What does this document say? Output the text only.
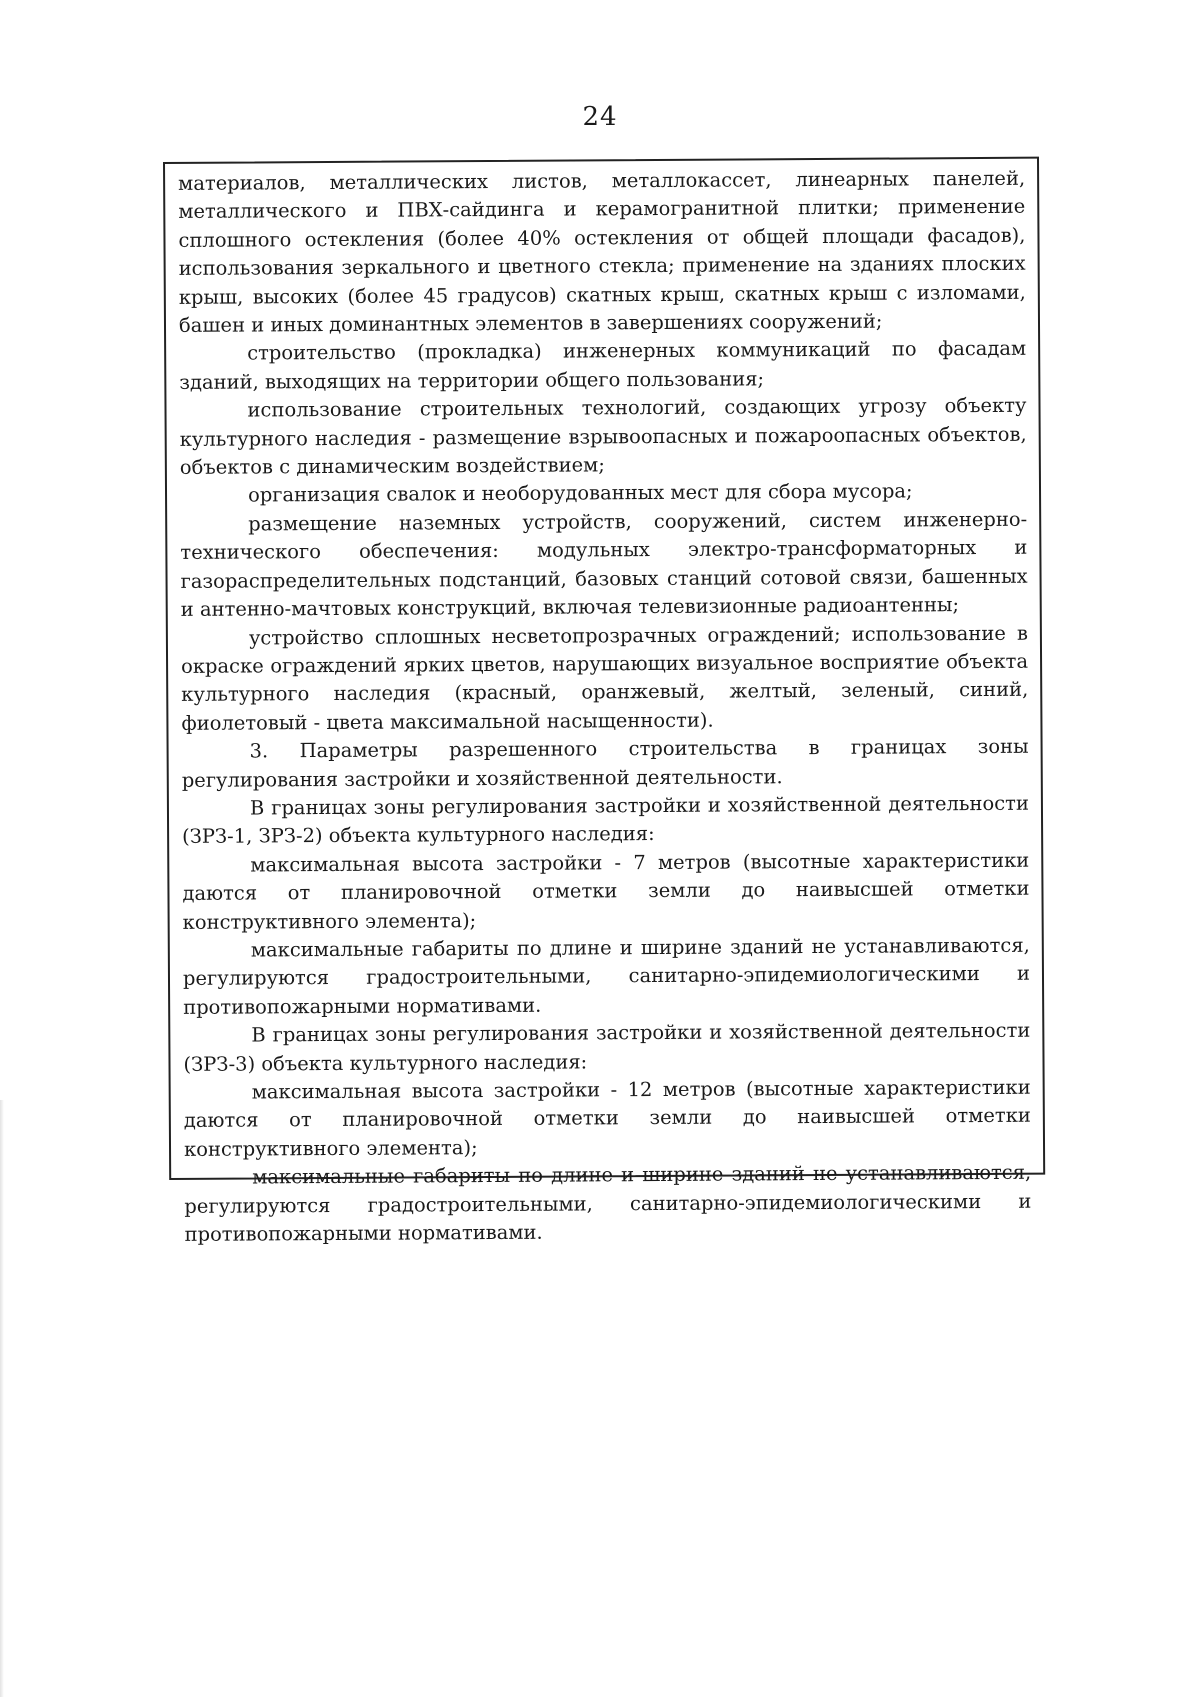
24

материалов, металлических листов, металлокассет, линеарных панелей, металлического и ПВХ-сайдинга и керамогранитной плитки; применение сплошного остекления (более 40% остекления от общей площади фасадов), использования зеркального и цветного стекла; применение на зданиях плоских крыш, высоких (более 45 градусов) скатных крыш, скатных крыш с изломами, башен и иных доминантных элементов в завершениях сооружений;

строительство (прокладка) инженерных коммуникаций по фасадам зданий, выходящих на территории общего пользования;

использование строительных технологий, создающих угрозу объекту культурного наследия - размещение взрывоопасных и пожароопасных объектов, объектов с динамическим воздействием;

организация свалок и необорудованных мест для сбора мусора;

размещение наземных устройств, сооружений, систем инженерно-технического обеспечения: модульных электро-трансформаторных и газораспределительных подстанций, базовых станций сотовой связи, башенных и антенно-мачтовых конструкций, включая телевизионные радиоантенны;

устройство сплошных несветопрозрачных ограждений; использование в окраске ограждений ярких цветов, нарушающих визуальное восприятие объекта культурного наследия (красный, оранжевый, желтый, зеленый, синий, фиолетовый - цвета максимальной насыщенности).

3. Параметры разрешенного строительства в границах зоны регулирования застройки и хозяйственной деятельности.

В границах зоны регулирования застройки и хозяйственной деятельности (ЗРЗ-1, ЗРЗ-2) объекта культурного наследия:

максимальная высота застройки - 7 метров (высотные характеристики даются от планировочной отметки земли до наивысшей отметки конструктивного элемента);

максимальные габариты по длине и ширине зданий не устанавливаются, регулируются градостроительными, санитарно-эпидемиологическими и противопожарными нормативами.

В границах зоны регулирования застройки и хозяйственной деятельности (ЗРЗ-3) объекта культурного наследия:

максимальная высота застройки - 12 метров (высотные характеристики даются от планировочной отметки земли до наивысшей отметки конструктивного элемента);

максимальные габариты по длине и ширине зданий не устанавливаются, регулируются градостроительными, санитарно-эпидемиологическими и противопожарными нормативами.
